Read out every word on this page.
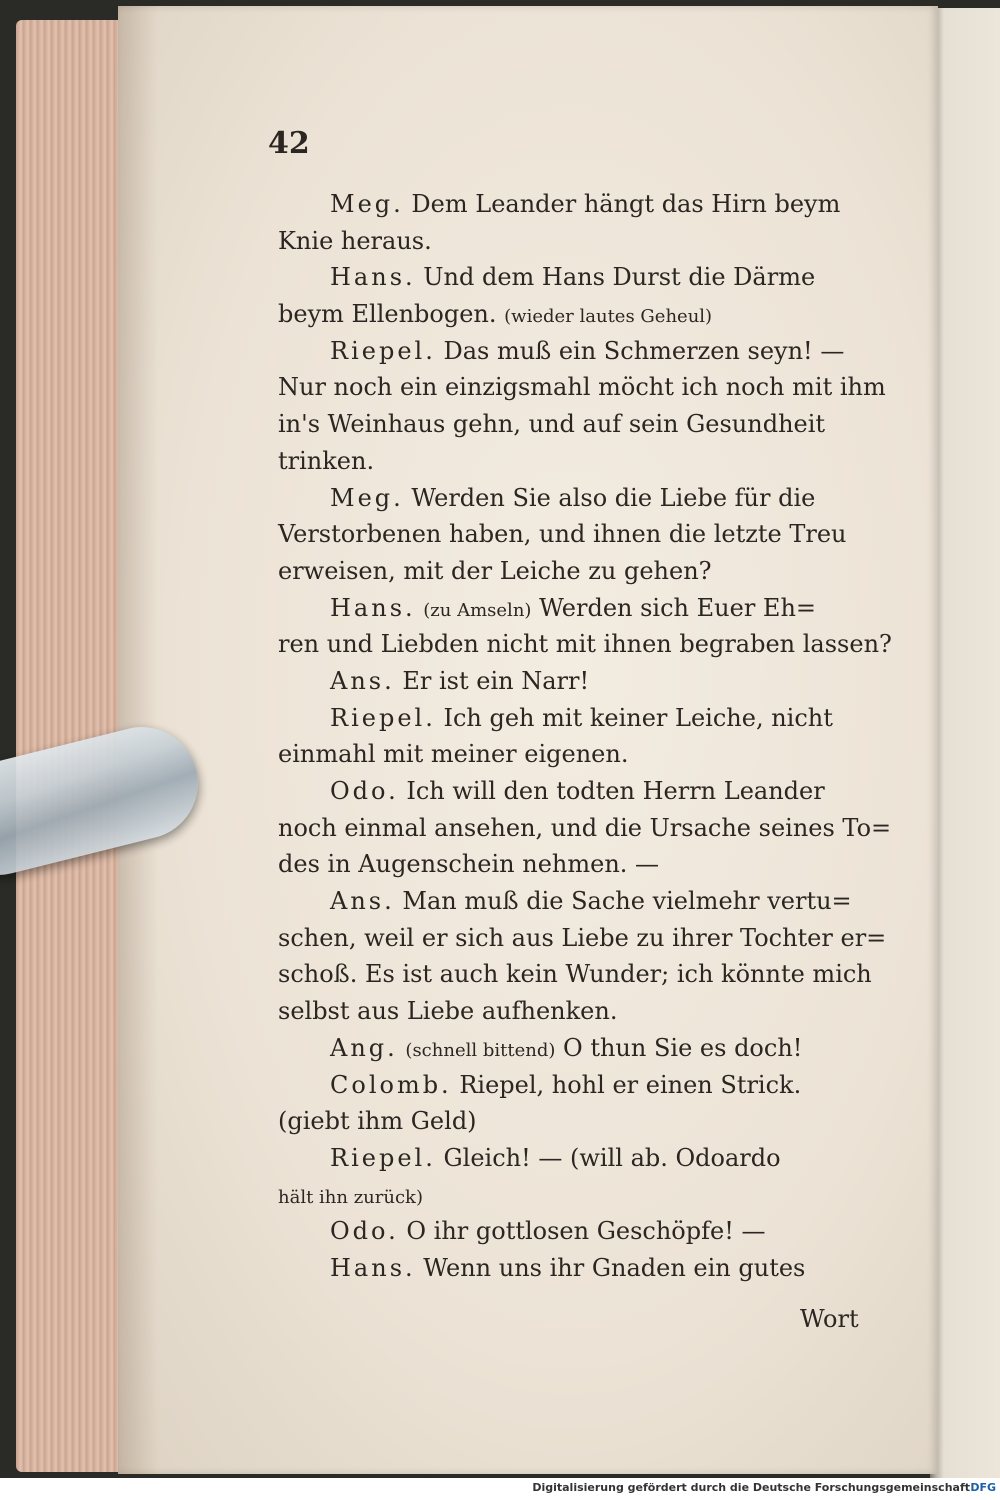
42
Meg. Dem Leander hängt das Hirn beym
Knie heraus.
Hans. Und dem Hans Durst die Därme
beym Ellenbogen. (wieder lautes Geheul)
Riepel. Das muß ein Schmerzen seyn! —
Nur noch ein einzigsmahl möcht ich noch mit ihm
in's Weinhaus gehn, und auf sein Gesundheit
trinken.
Meg. Werden Sie also die Liebe für die
Verstorbenen haben, und ihnen die letzte Treu
erweisen, mit der Leiche zu gehen?
Hans. (zu Amseln) Werden sich Euer Eh=
ren und Liebden nicht mit ihnen begraben lassen?
Ans. Er ist ein Narr!
Riepel. Ich geh mit keiner Leiche, nicht
einmahl mit meiner eigenen.
Odo. Ich will den todten Herrn Leander
noch einmal ansehen, und die Ursache seines To=
des in Augenschein nehmen. —
Ans. Man muß die Sache vielmehr vertu=
schen, weil er sich aus Liebe zu ihrer Tochter er=
schoß. Es ist auch kein Wunder; ich könnte mich
selbst aus Liebe aufhenken.
Ang. (schnell bittend) O thun Sie es doch!
Colomb. Riepel, hohl er einen Strick.
(giebt ihm Geld)
Riepel. Gleich! — (will ab. Odoardo
hält ihn zurück)
Odo. O ihr gottlosen Geschöpfe! —
Hans. Wenn uns ihr Gnaden ein gutes
Wort
Digitalisierung gefördert durch die Deutsche Forschungsgemeinschaft DFG
